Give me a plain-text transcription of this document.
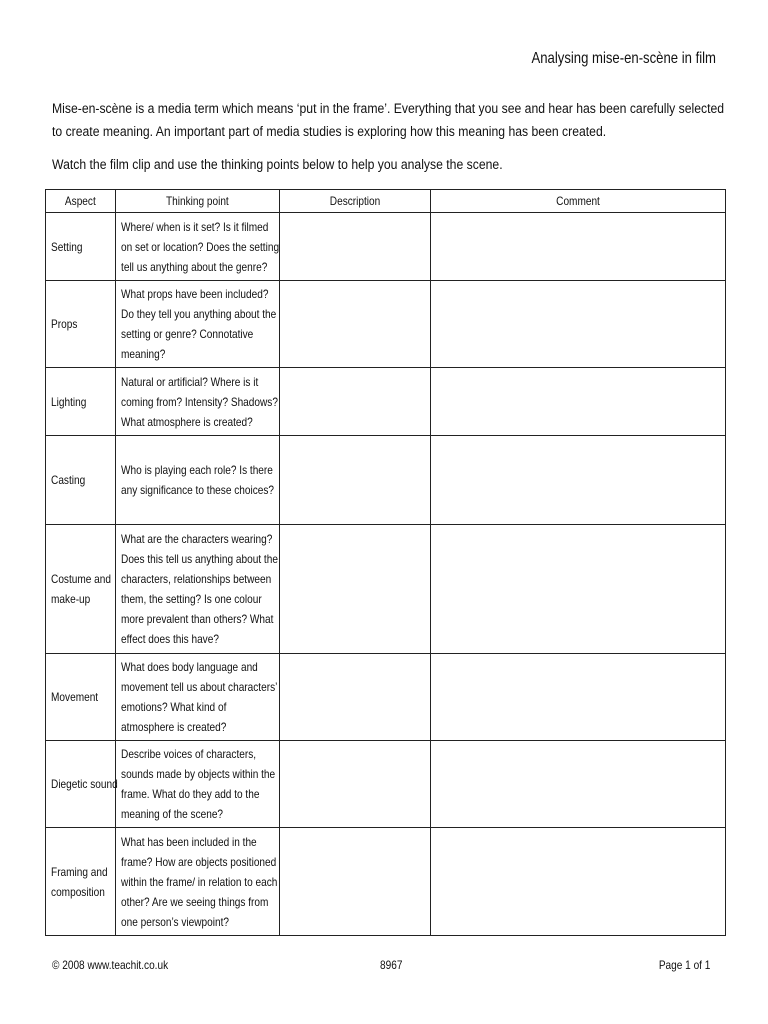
Analysing mise-en-scène in film

Mise-en-scène is a media term which means ‘put in the frame’. Everything that you see and hear has been carefully selected to create meaning. An important part of media studies is exploring how this meaning has been created.

Watch the film clip and use the thinking points below to help you analyse the scene.
Aspect	Thinking point	Description	Comment

Setting	Where/ when is it set? Is it filmed on set or location? Does the setting tell us anything about the genre?		

Props	What props have been included? Do they tell you anything about the setting or genre? Connotative meaning?		

Lighting	Natural or artificial? Where is it coming from? Intensity? Shadows? What atmosphere is created?		

Casting	Who is playing each role? Is there any significance to these choices?		

Costume and make-up	What are the characters wearing? Does this tell us anything about the characters, relationships between them, the setting? Is one colour more prevalent than others? What effect does this have?		

Movement	What does body language and movement tell us about characters’ emotions? What kind of atmosphere is created?		

Diegetic sound	Describe voices of characters, sounds made by objects within the frame. What do they add to the meaning of the scene?		

Framing and composition	What has been included in the frame? How are objects positioned within the frame/ in relation to each other? Are we seeing things from one person’s viewpoint?		

© 2008 www.teachit.co.uk	8967	Page 1 of 1
